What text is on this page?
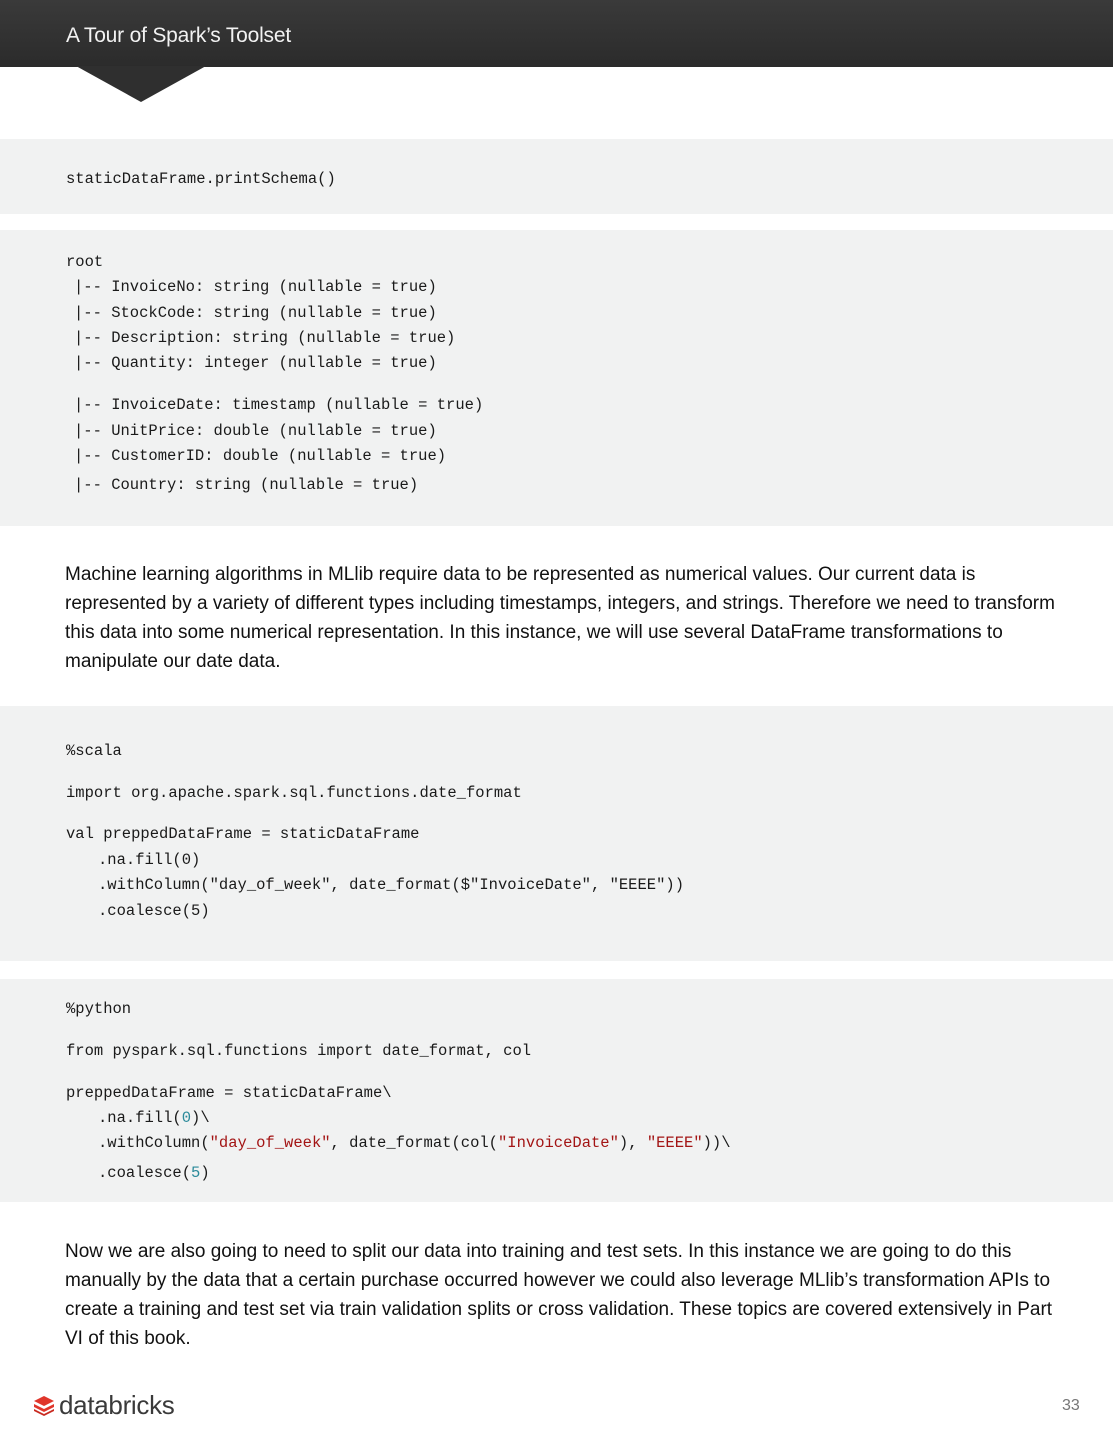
A Tour of Spark’s Toolset
staticDataFrame.printSchema()
root
|-- InvoiceNo: string (nullable = true)
|-- StockCode: string (nullable = true)
|-- Description: string (nullable = true)
|-- Quantity: integer (nullable = true)
|-- InvoiceDate: timestamp (nullable = true)
|-- UnitPrice: double (nullable = true)
|-- CustomerID: double (nullable = true)
|-- Country: string (nullable = true)
Machine learning algorithms in MLlib require data to be represented as numerical values. Our current data is represented by a variety of different types including timestamps, integers, and strings. Therefore we need to transform this data into some numerical representation. In this instance, we will use several DataFrame transformations to manipulate our date data.
%scala
import org.apache.spark.sql.functions.date_format
val preppedDataFrame = staticDataFrame
.na.fill(0)
.withColumn("day_of_week", date_format($"InvoiceDate", "EEEE"))
.coalesce(5)
%python
from pyspark.sql.functions import date_format, col
preppedDataFrame = staticDataFrame\
.na.fill(0)\
.withColumn("day_of_week", date_format(col("InvoiceDate"), "EEEE"))\
.coalesce(5)
Now we are also going to need to split our data into training and test sets. In this instance we are going to do this manually by the data that a certain purchase occurred however we could also leverage MLlib’s transformation APIs to create a training and test set via train validation splits or cross validation. These topics are covered extensively in Part VI of this book.
databricks	33
